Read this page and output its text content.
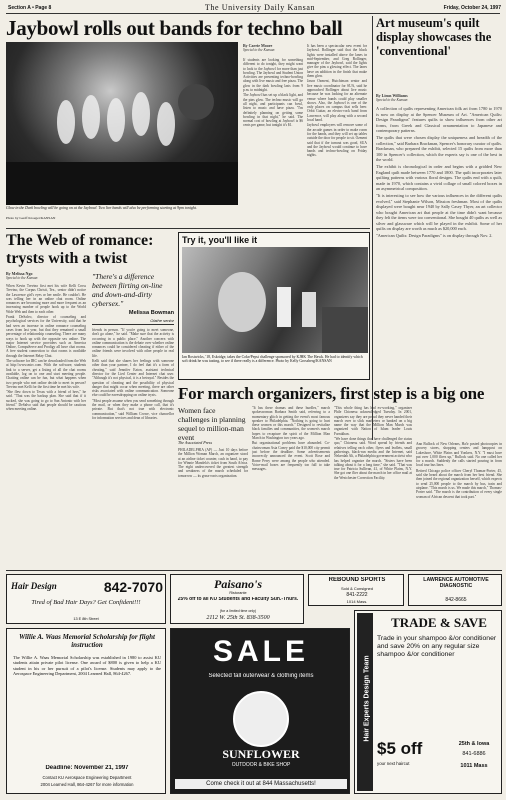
Section A • Page 8	The University Daily Kansan	Friday, October 24, 1997
Jaybowl rolls out bands for techno ball
Glow in the Dark bowling will be going on at the Jaybowl. Two live bands will also be performing starting at 9pm tonight.
Photo by Geoff Kroeger/KANSAN
By Carrie Moore
Special to the Kansan

If students are looking for something different to do tonight, they might want to look to the Jaybowl for more than just bowling. The Jaybowl and Student Union Activities are presenting techno-bowling along with live music and free pizza. The glow in the dark bowling lasts from 9 p.m. to midnight.

The Jaybowl has set up a black light, and the pins glow. The techno music will go all night, and participants can bowl, listen to music and have pizza. "I'm definitely planning on getting some bowling in that night," he said. The normal cost of bowling at Jaybowl is $6 cents per game, but tonight it's $1.

It has been a spectacular new event for Jaybowl. Bollinger said that the black lights were installed above the lanes in mid-September, and Greg Bollinger, manager of the Jaybowl, said the lights give the pins a glowing effect. The lanes have an addition in the finish that make them glow.

Jason Ozment, Hutchinson senior and live music coordinator for SUA, said he approached Bollinger about live music because he was looking for an alternate venue where bands could play smaller shows. Also, the Jaybowl is one of the only places on campus that sells beer. Orbit Guitar, an electro-rock band from Lawrence, will play along with a second local band.

Jaybowl employees will remove some of the arcade games in order to make room for the bands, and they will set up tables outside the door for people to sit. Ozment said that if the turnout was good, SUA and the Jaybowl would continue to have bands and techno-bowling on Friday nights.

Art museum's quilt display showcases the 'conventional'
By Linus Williams
Special to the Kansan

A collection of quilts representing American folk art from 1780 to 1970 is now on display at the Spencer Museum of Art. "American Quilts: Design Paradigms" features quilts to show influences from other art forms, from Greek and Classical ornamentation to Japanese and contemporary patterns.

The quilts that were chosen display the uniqueness and breadth of the collection," said Barbara Brackman, Spencer's honorary curator of quilts. Brackman, who prepared the exhibit, selected 15 quilts from more than 100 in Spencer's collection, which the experts say is one of the best in the world.

The exhibit is chronological in order and begins with a gridded New England quilt made between 1770 and 1800. The quilt incorporates later quilting patterns with various floral designs. The quilts end with a quilt, made in 1970, which contains a vivid collage of small colored boxes in an asymmetrical composition.

"It is interesting to see how the various influences in the different quilts evolved," said Stephanie Wilson, Mission freshman. Most of the quilts displayed were bought near 1940 by Sally Casey Thyer, an art collector who bought American art that people at the time didn't want because they felt the items were too conventional. She bought 40 quilts as well as silver and glassware which will be played in the exhibit. Some of her quilts on display are worth as much as $20,000 each.

"American Quilts: Design Paradigms" is on display through Nov. 2.

The Web of romance: trysts with a twist
By Melissa Ngo
Special to the Kansan

When Kevin Trevino first met his wife Kelli Cross Trevino, the Corpus Christi, Tex., senior didn't notice the Lawrence girl's eyes or her smile. He couldn't. He was telling her in an online chat room. Online romances are becoming more and more frequent as an increasing number of people hook up to the World Wide Web and then to each other.

Frank DeSalvo, director of counseling and psychological services for the University, said that he had seen an increase in online romance counseling cases from last year, but that they remained a small percentage of relationship counseling. There are many ways to hook up with the opposite sex online. The major Internet service providers such as America Online, CompuServe and Prodigy all have chat rooms. A free student connection to chat rooms is available through the Internet Relay Chat.

The software for IRC can be downloaded from the Web at http://www.mirc.com. With the software, students link to a server, get a listing of all the chat rooms available, log on to one and start meeting people. Chatting online can be fun, but what happens when two people who met online decide to meet in person? Trevino met Kelli for the first time he met his wife.

"She flew down to Texas with a friend of hers," he said. "That was the backup plan. She said that if it sucked, she was going to go to San Antonio with her friend." DeSalvo said that people should be cautious when meeting online.

"There's a difference between flirting on-line and down-and-dirty cybersex."
Melissa Bowman
Olathe senior

friends in person. "If you're going to meet someone, don't go alone," he said. "Make sure that the activity is occurring in a public place." Another concern with online communication is the debate over whether online romances could be considered cheating if either of the online friends were involved with other people in real life.

Kelli said that she shares her feelings with someone other than your partner, I do feel that it's a form of cheating," said Jennifer Eaton, assistant technical director for the Lied Center and Internet chat user. "Although it's not physical, it is a betrayal." Besides the question of cheating and the possibility of physical danger that might occur when meeting, there are other risks associated with online communication. Someone else could be eavesdropping on online trysts.

"Most people assume when you send something through the mail, or when they make a phone call, that it's private. But that's not true with electronic communication," said William Crowe, vice chancellor for information services and dean of libraries.

Try it, you'll like it
Ian Bostwicks, '18, Eskridge, takes the Coke/Pepsi challenge sponsored by KJHK The Hawk. He had to identify which soft drink he was tasting, to see if there really is a difference. Photo by Kelly Grossberg/KANSAN
For march organizers, first step is a big one
Women face challenges in planning sequel to million-man event
The Associated Press

PHILADELPHIA (AP) — Just 10 days before the Million Woman March, an organizer stood at an airline ticket counter, cash in hand, to pay for Winnie Mandela's ticket from South Africa. The eight undercovered the greatest strength and weakness of the march scheduled for tomorrow — its grass-roots organization.

"It has these dramas and these hurdles," march spokeswoman Barbara Smith said, referring to a momentary glitch in getting the event's most famous speaker to Philadelphia. "Nothing is going to hurt these women or this march." Designed to revitalize black families and communities, the women's march hopes to recapture the spirit of the Million Man March in Washington two years ago.

But organizational problems have abounded. Co-chairwoman Asia Coney paid the $10,000 city permit just before the deadline. Some advertisements incorrectly announced the event. Scott Rose and Rome Perry were among the people who attended. Voice-mail boxes are frequently too full to take messages.

"This whole thing has had ex-working," organizer Phile Chionesu acknowledged Tuesday. In 2001, organizers say they are proud they never handed their march over to slick marketers or banked on a big name the way that the Million Man March was organized with Nation of Islam leader Louis Farrakhan.

"We have done things that have challenged the status quo," Chionesu said. Word spread by friends and relatives telling each other, flyers and leaflets, small gatherings, black-run media and the Internet, said Nekerdah Ali, a Philadelphia government activist who has helped organize the march. "Sisters have been talking about it for a long time," she said. "That was true for Patricia Sullivan, 41, of White Plains, N.Y. She got one flier about the march in her office mail at the Westchester Correction Facility.

Ann Bullock of New Orleans, Ha'ir posted photocopies in grocery stores, shopping centers and lamppost on Lakeshore, White Plains and Yonkers, N.Y. "I must have put over 1,000 fliers up," Bullock said. No one called her for a march. Suddenly the calls started pouring in from local tour bus lines.

Retired Chicago police officer Cheryl Thomas-Porter, 45, said she heard about the march from her best friend. She then joined the regional organization herself, which expects to send 25,000 people to the march by bus, train and airplane. "This march is us. We made this march," Thomas-Porter said. "The march is the contribution of every single woman of African descent that took part."

Hair Design	842-7070
Tired of Bad Hair Days? Get Confident!!!
13 E 8th Street
Paisano's
Ristorante
25% off to all KU Students and Faculty Sun.-Thurs.
(for a limited time only)
2112 W. 25th St. 838-3500
REBOUND SPORTS
Sold & Consigned
841-2222
1014 Mass.
LAWRENCE AUTOMOTIVE DIAGNOSTIC
842-8665
Willie A. Waas Memorial Scholarship for flight instruction
The Willie A. Waas Memorial Scholarship was established in 1980 to assist KU students attain private pilot license. One award of $800 is given to help a KU student in his or her pursuit of a pilot's license. Students may apply to the Aerospace Engineering Department, 2004 Learned Hall, 864-4267.
Deadline: November 21, 1997
Contact KU Aerospace Engineering Department
2004 Learned Hall, 864-4267 for more information
SALE
Selected fall outerwear & clothing items
SUNFLOWER
OUTDOOR & BIKE SHOP
Come check it out at 844 Massachusetts!
TRADE & SAVE
Hair Experts Design Team
Trade in your shampoo &/or conditioner and save 20% on any regular size shampoo &/or conditioner
$5 off
your next haircut
25th & Iowa
841-6886
1011 Mass
